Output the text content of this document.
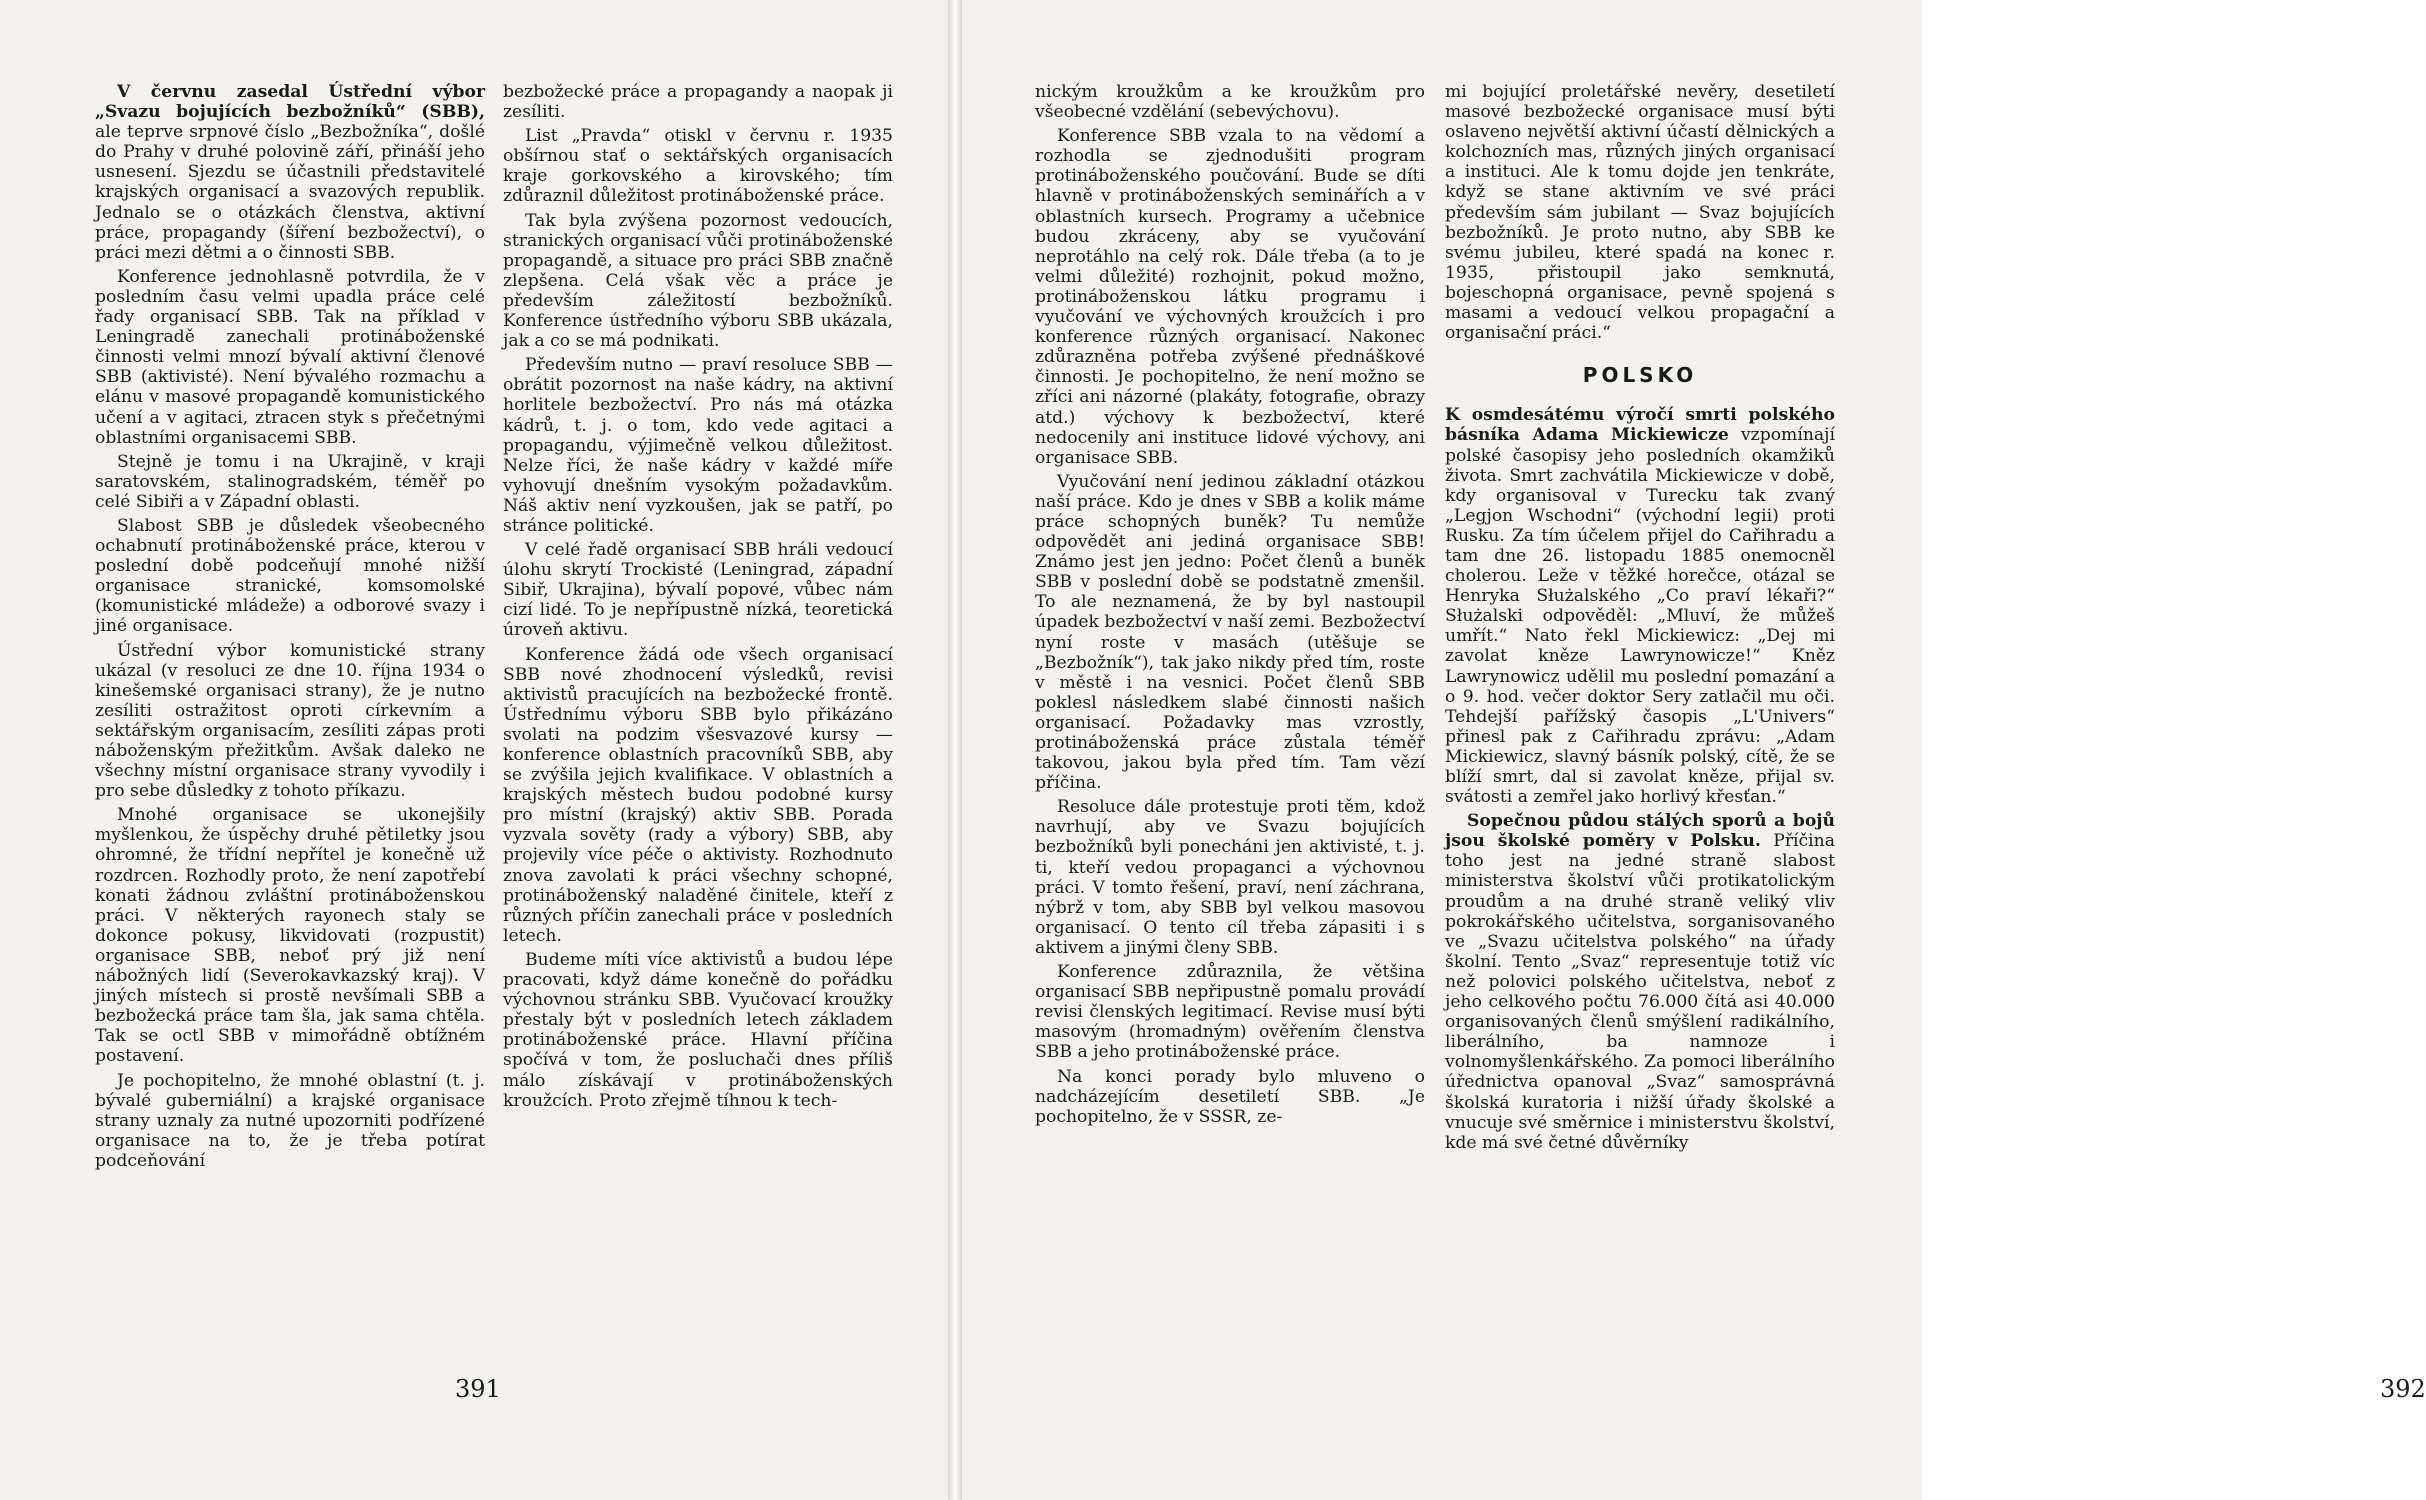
V červnu zasedal Ústřední výbor „Svazu bojujících bezbožníků“ (SBB), ale teprve srpnové číslo „Bezbožníka“, došlé do Prahy v druhé polovině září, přináší jeho usnesení. Sjezdu se účastnili představitelé krajských organisací a svazových republik. Jednalo se o otázkách členstva, aktivní práce, propagandy (šíření bezbožectví), o práci mezi dětmi a o činnosti SBB.

Konference jednohlasně potvrdila, že v posledním času velmi upadla práce celé řady organisací SBB. Tak na příklad v Leningradě zanechali protináboženské činnosti velmi mnozí bývalí aktivní členové SBB (aktivisté). Není bývalého rozmachu a elánu v masové propagandě komunistického učení a v agitaci, ztracen styk s přečetnými oblastními organisacemi SBB.

Stejně je tomu i na Ukrajině, v kraji saratovském, stalinogradském, téměř po celé Sibiři a v Západní oblasti.

Slabost SBB je důsledek všeobecného ochabnutí protináboženské práce, kterou v poslední době podceňují mnohé nižší organisace stranické, komsomolské (komunistické mládeže) a odborové svazy i jiné organisace.

Ústřední výbor komunistické strany ukázal (v resoluci ze dne 10. října 1934 o kinešemské organisaci strany), že je nutno zesíliti ostražitost oproti církevním a sektářským organisacím, zesíliti zápas proti náboženským přežitkům. Avšak daleko ne všechny místní organisace strany vyvodily i pro sebe důsledky z tohoto příkazu.

Mnohé organisace se ukonejšily myšlenkou, že úspěchy druhé pětiletky jsou ohromné, že třídní nepřítel je konečně už rozdrcen. Rozhodly proto, že není zapotřebí konati žádnou zvláštní protináboženskou práci. V některých rayonech staly se dokonce pokusy, likvidovati (rozpustit) organisace SBB, neboť prý již není nábožných lidí (Severokavkazský kraj). V jiných místech si prostě nevšímali SBB a bezbožecká práce tam šla, jak sama chtěla. Tak se octl SBB v mimořádně obtížném postavení.

Je pochopitelno, že mnohé oblastní (t. j. bývalé guberniální) a krajské organisace strany uznaly za nutné upozorniti podřízené organisace na to, že je třeba potírat podceňování

bezbožecké práce a propagandy a naopak ji zesíliti.

List „Pravda“ otiskl v červnu r. 1935 obšírnou stať o sektářských organisacích kraje gorkovského a kirovského; tím zdůraznil důležitost protináboženské práce.

Tak byla zvýšena pozornost vedoucích, stranických organisací vůči protináboženské propagandě, a situace pro práci SBB značně zlepšena. Celá však věc a práce je především záležitostí bezbožníků. Konference ústředního výboru SBB ukázala, jak a co se má podnikati.

Především nutno — praví resoluce SBB — obrátit pozornost na naše kádry, na aktivní horlitele bezbožectví. Pro nás má otázka kádrů, t. j. o tom, kdo vede agitaci a propagandu, výjimečně velkou důležitost. Nelze říci, že naše kádry v každé míře vyhovují dnešním vysokým požadavkům. Náš aktiv není vyzkoušen, jak se patří, po stránce politické.

V celé řadě organisací SBB hráli vedoucí úlohu skrytí Trockisté (Leningrad, západní Sibiř, Ukrajina), bývalí popové, vůbec nám cizí lidé. To je nepřípustně nízká, teoretická úroveň aktivu.

Konference žádá ode všech organisací SBB nové zhodnocení výsledků, revisi aktivistů pracujících na bezbožecké frontě. Ústřednímu výboru SBB bylo přikázáno svolati na podzim všesvazové kursy — konference oblastních pracovníků SBB, aby se zvýšila jejich kvalifikace. V oblastních a krajských městech budou podobné kursy pro místní (krajský) aktiv SBB. Porada vyzvala sověty (rady a výbory) SBB, aby projevily více péče o aktivisty. Rozhodnuto znova zavolati k práci všechny schopné, protináboženský naladěné činitele, kteří z různých příčin zanechali práce v posledních letech.

Budeme míti více aktivistů a budou lépe pracovati, když dáme konečně do pořádku výchovnou stránku SBB. Vyučovací kroužky přestaly být v posledních letech základem protináboženské práce. Hlavní příčina spočívá v tom, že posluchači dnes příliš málo získávají v protináboženských kroužcích. Proto zřejmě tíhnou k tech-

391

nickým kroužkům a ke kroužkům pro všeobecné vzdělání (sebevýchovu).

Konference SBB vzala to na vědomí a rozhodla se zjednodušiti program protináboženského poučování. Bude se díti hlavně v protináboženských seminářích a v oblastních kursech. Programy a učebnice budou zkráceny, aby se vyučování neprotáhlo na celý rok. Dále třeba (a to je velmi důležité) rozhojnit, pokud možno, protináboženskou látku programu i vyučování ve výchovných kroužcích i pro konference různých organisací. Nakonec zdůrazněna potřeba zvýšené přednáškové činnosti. Je pochopitelno, že není možno se zříci ani názorné (plakáty, fotografie, obrazy atd.) výchovy k bezbožectví, které nedocenily ani instituce lidové výchovy, ani organisace SBB.

Vyučování není jedinou základní otázkou naší práce. Kdo je dnes v SBB a kolik máme práce schopných buněk? Tu nemůže odpovědět ani jediná organisace SBB! Známo jest jen jedno: Počet členů a buněk SBB v poslední době se podstatně zmenšil. To ale neznamená, že by byl nastoupil úpadek bezbožectví v naší zemi. Bezbožectví nyní roste v masách (utěšuje se „Bezbožník“), tak jako nikdy před tím, roste v městě i na vesnici. Počet členů SBB poklesl následkem slabé činnosti našich organisací. Požadavky mas vzrostly, protináboženská práce zůstala téměř takovou, jakou byla před tím. Tam vězí příčina.

Resoluce dále protestuje proti těm, kdož navrhují, aby ve Svazu bojujících bezbožníků byli ponecháni jen aktivisté, t. j. ti, kteří vedou propaganci a výchovnou práci. V tomto řešení, praví, není záchrana, nýbrž v tom, aby SBB byl velkou masovou organisací. O tento cíl třeba zápasiti i s aktivem a jinými členy SBB.

Konference zdůraznila, že většina organisací SBB nepřipustně pomalu provádí revisi členských legitimací. Revise musí býti masovým (hromadným) ověřením členstva SBB a jeho protináboženské práce.

Na konci porady bylo mluveno o nadcházejícím desetiletí SBB. „Je pochopitelno, že v SSSR, ze-

mi bojující proletářské nevěry, desetiletí masové bezbožecké organisace musí býti oslaveno největší aktivní účastí dělnických a kolchozních mas, různých jiných organisací a instituci. Ale k tomu dojde jen tenkráte, když se stane aktivním ve své práci především sám jubilant — Svaz bojujících bezbožníků. Je proto nutno, aby SBB ke svému jubileu, které spadá na konec r. 1935, přistoupil jako semknutá, bojeschopná organisace, pevně spojená s masami a vedoucí velkou propagační a organisační práci.“

POLSKO

K osmdesátému výročí smrti polského básníka Adama Mickiewicze vzpomínají polské časopisy jeho posledních okamžiků života. Smrt zachvátila Mickiewicze v době, kdy organisoval v Turecku tak zvaný „Legjon Wschodni“ (východní legii) proti Rusku. Za tím účelem přijel do Cařihradu a tam dne 26. listopadu 1885 onemocněl cholerou. Leže v těžké horečce, otázal se Henryka Służalského „Co praví lékaři?“ Służalski odpověděl: „Mluví, že můžeš umřít.“ Nato řekl Mickiewicz: „Dej mi zavolat kněze Lawrynowicze!“ Kněz Lawrynowicz udělil mu poslední pomazání a o 9. hod. večer doktor Sery zatlačil mu oči. Tehdejší pařížský časopis „L'Univers“ přinesl pak z Cařihradu zprávu: „Adam Mickiewicz, slavný básník polský, cítě, že se blíží smrt, dal si zavolat kněze, přijal sv. svátosti a zemřel jako horlivý křesťan.“

Sopečnou půdou stálých sporů a bojů jsou školské poměry v Polsku. Příčina toho jest na jedné straně slabost ministerstva školství vůči protikatolickým proudům a na druhé straně veliký vliv pokrokářského učitelstva, sorganisovaného ve „Svazu učitelstva polského“ na úřady školní. Tento „Svaz“ representuje totiž víc než polovici polského učitelstva, neboť z jeho celkového počtu 76.000 čítá asi 40.000 organisovaných členů smýšlení radikálního, liberálního, ba namnoze i volnomyšlenkářského. Za pomoci liberálního úřednictva opanoval „Svaz“ samosprávná školská kuratoria i nižší úřady školské a vnucuje své směrnice i ministerstvu školství, kde má své četné důvěrníky

392
